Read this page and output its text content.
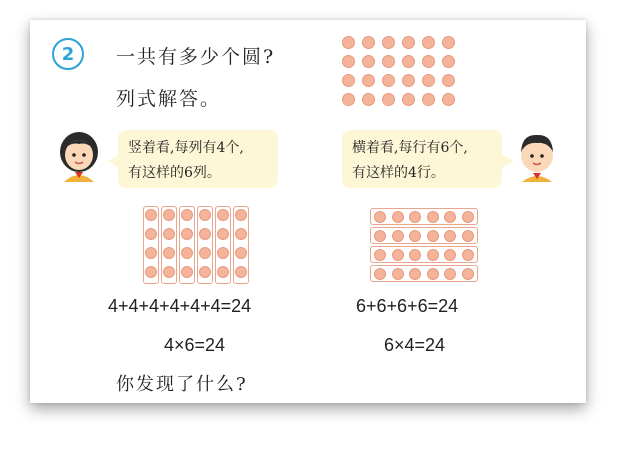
2 一共有多少个圆?
列式解答。
竖着看,每列有4个,
有这样的6列。
横着看,每行有6个,
有这样的4行。
4+4+4+4+4+4=24
4×6=24
6+6+6+6=24
6×4=24
你发现了什么?
